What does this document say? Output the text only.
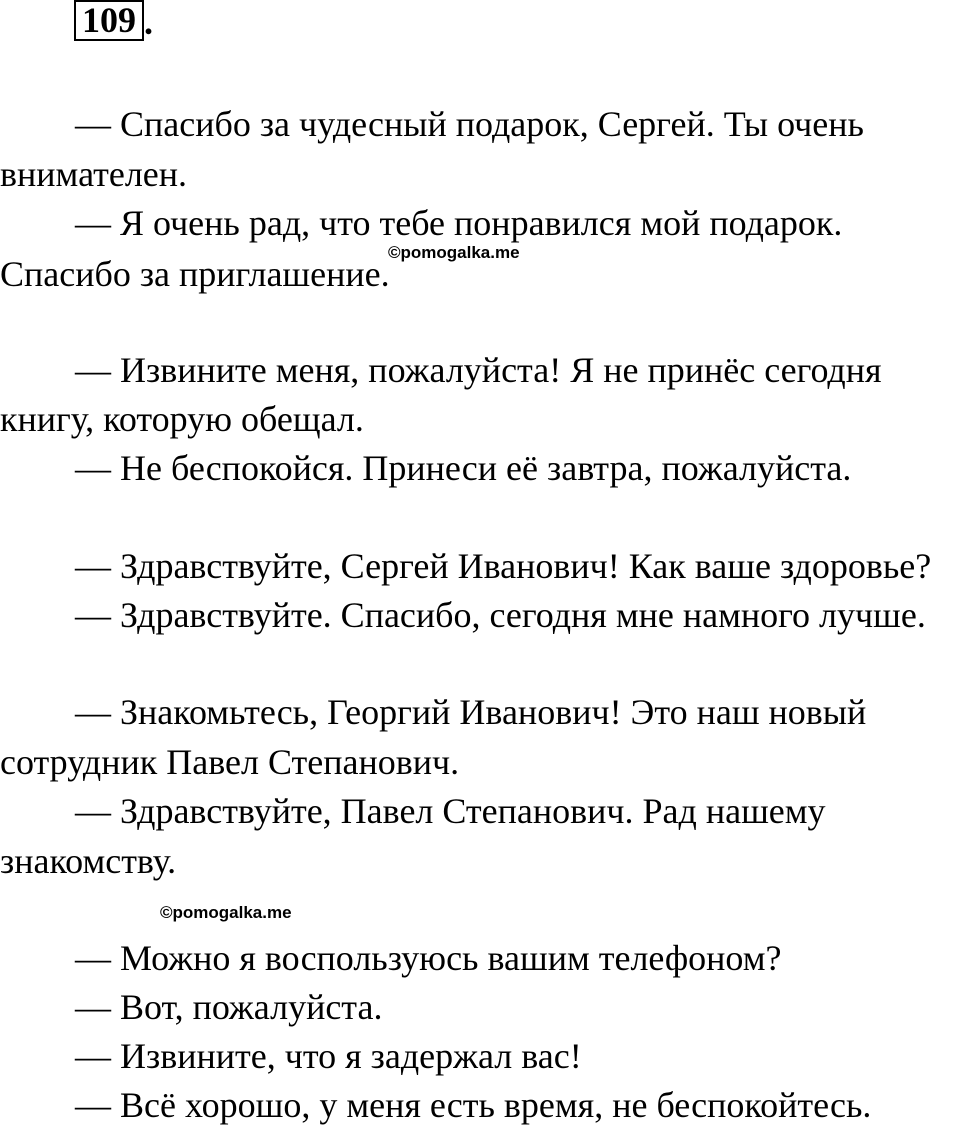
109 .
— Спасибо за чудесный подарок, Сергей. Ты очень
внимателен.
— Я очень рад, что тебе понравился мой подарок.
Спасибо за приглашение.
©pomogalka.me
— Извините меня, пожалуйста! Я не принёс сегодня
книгу, которую обещал.
— Не беспокойся. Принеси её завтра, пожалуйста.
— Здравствуйте, Сергей Иванович! Как ваше здоровье?
— Здравствуйте. Спасибо, сегодня мне намного лучше.
— Знакомьтесь, Георгий Иванович! Это наш новый
сотрудник Павел Степанович.
— Здравствуйте, Павел Степанович. Рад нашему
знакомству.
©pomogalka.me
— Можно я воспользуюсь вашим телефоном?
— Вот, пожалуйста.
— Извините, что я задержал вас!
— Всё хорошо, у меня есть время, не беспокойтесь.
